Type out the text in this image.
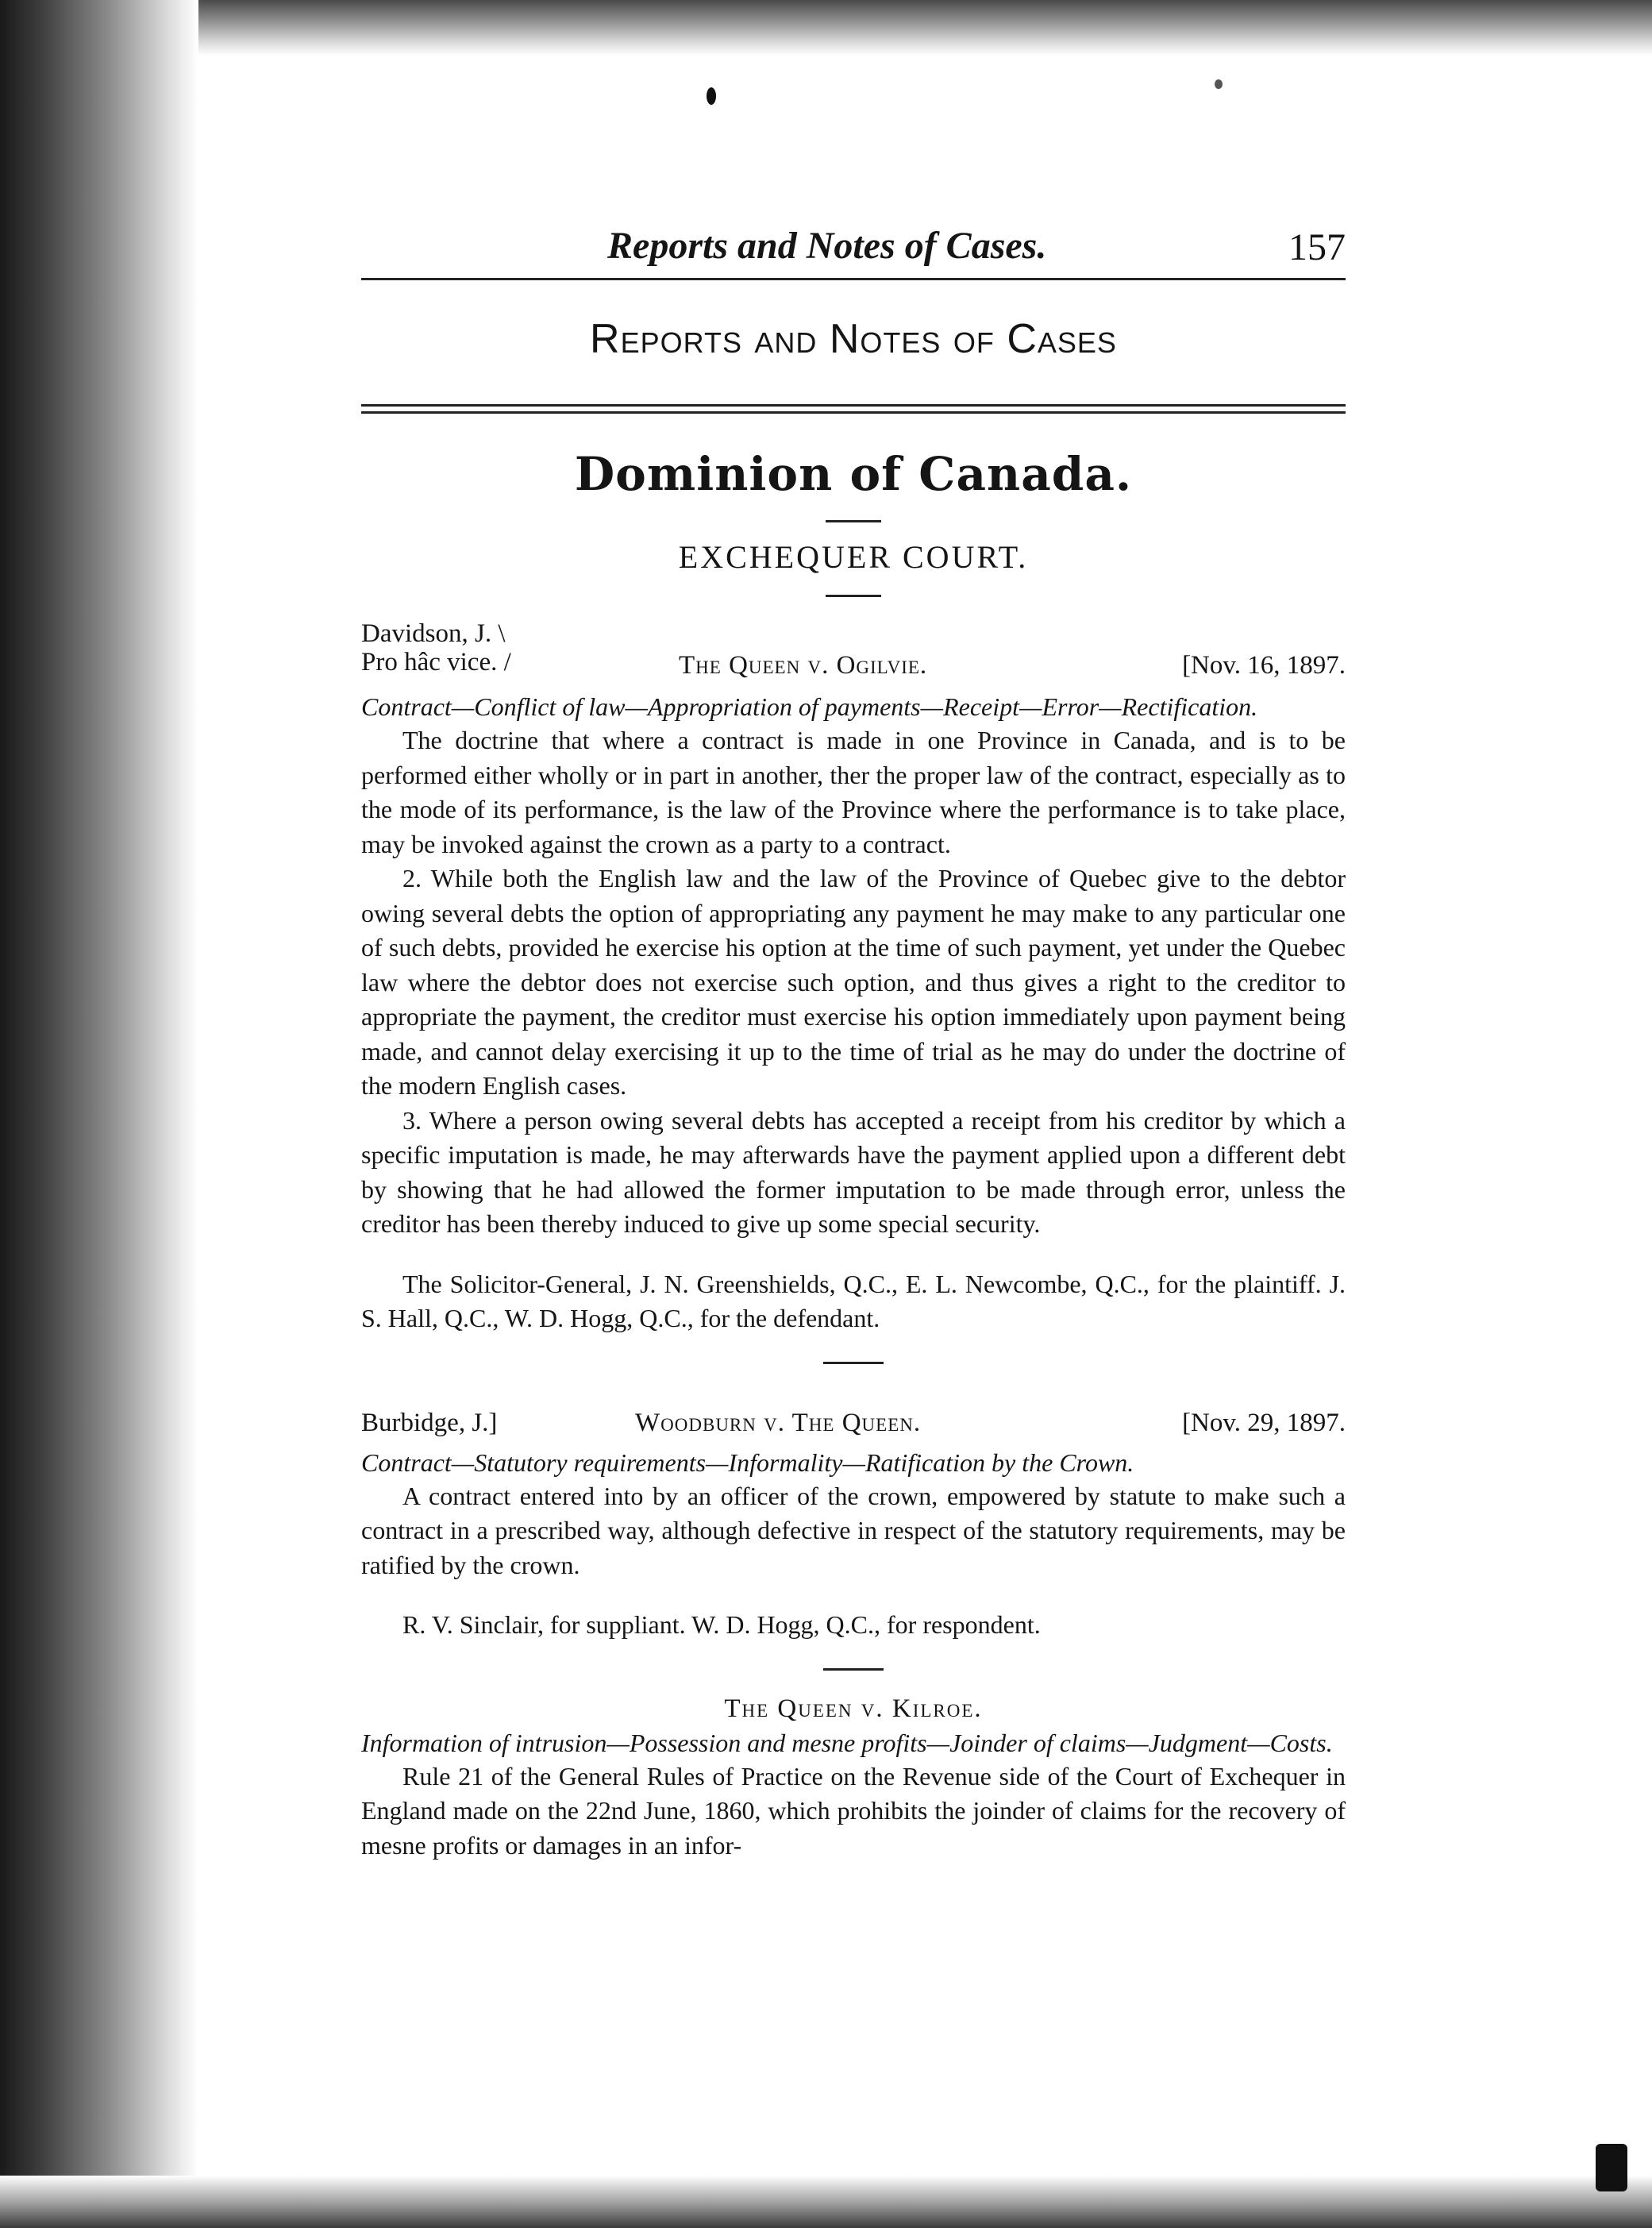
Reports and Notes of Cases.	157
Reports and Notes of Cases
Dominion of Canada.
EXCHEQUER COURT.
Davidson, J. \
Pro hâc vice. /	The Queen v. Ogilvie.	[Nov. 16, 1897.
Contract—Conflict of law—Appropriation of payments—Receipt—Error—Rectification.

The doctrine that where a contract is made in one Province in Canada, and is to be performed either wholly or in part in another, ther the proper law of the contract, especially as to the mode of its performance, is the law of the Province where the performance is to take place, may be invoked against the crown as a party to a contract.

2. While both the English law and the law of the Province of Quebec give to the debtor owing several debts the option of appropriating any payment he may make to any particular one of such debts, provided he exercise his option at the time of such payment, yet under the Quebec law where the debtor does not exercise such option, and thus gives a right to the creditor to appropriate the payment, the creditor must exercise his option immediately upon payment being made, and cannot delay exercising it up to the time of trial as he may do under the doctrine of the modern English cases.

3. Where a person owing several debts has accepted a receipt from his creditor by which a specific imputation is made, he may afterwards have the payment applied upon a different debt by showing that he had allowed the former imputation to be made through error, unless the creditor has been thereby induced to give up some special security.

The Solicitor-General, J. N. Greenshields, Q.C., E. L. Newcombe, Q.C., for the plaintiff. J. S. Hall, Q.C., W. D. Hogg, Q.C., for the defendant.

Burbidge, J.]	Woodburn v. The Queen.	[Nov. 29, 1897.
Contract—Statutory requirements—Informality—Ratification by the Crown.

A contract entered into by an officer of the crown, empowered by statute to make such a contract in a prescribed way, although defective in respect of the statutory requirements, may be ratified by the crown.

R. V. Sinclair, for suppliant. W. D. Hogg, Q.C., for respondent.

The Queen v. Kilroe.
Information of intrusion—Possession and mesne profits—Joinder of claims—Judgment—Costs.

Rule 21 of the General Rules of Practice on the Revenue side of the Court of Exchequer in England made on the 22nd June, 1860, which prohibits the joinder of claims for the recovery of mesne profits or damages in an infor-
